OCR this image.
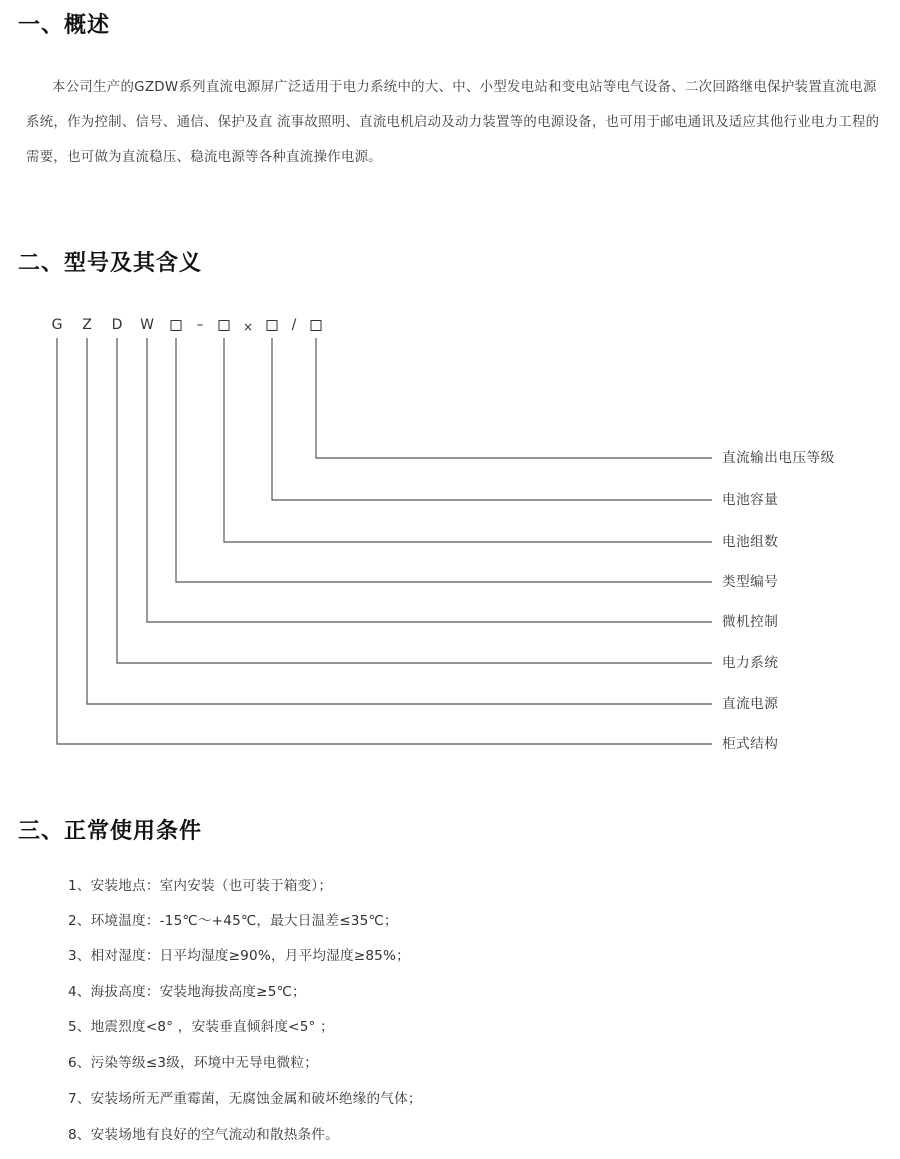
一、概述

本公司生产的GZDW系列直流电源屏广泛适用于电力系统中的大、中、小型发电站和变电站等电气设备、二次回路继电保护装置直流电源系统，作为控制、信号、通信、保护及直 流事故照明、直流电机启动及动力装置等的电源设备，也可用于邮电通讯及适应其他行业电力工程的需要，也可做为直流稳压、稳流电源等各种直流操作电源。

二、型号及其含义
G Z D W	–	×	/
直流输出电压等级
电池容量
电池组数
类型编号
微机控制
电力系统
直流电源
柜式结构
三、正常使用条件

1、安装地点：室内安装（也可装于箱变）；

2、环境温度：-15℃～+45℃，最大日温差≤35℃；

3、相对湿度：日平均湿度≥90%，月平均湿度≥85%；

4、海拔高度：安装地海拔高度≥5℃；

5、地震烈度<8° ，安装垂直倾斜度<5° ；

6、污染等级≤3级，环境中无导电微粒；

7、安装场所无严重霉菌，无腐蚀金属和破坏绝缘的气体；

8、安装场地有良好的空气流动和散热条件。
